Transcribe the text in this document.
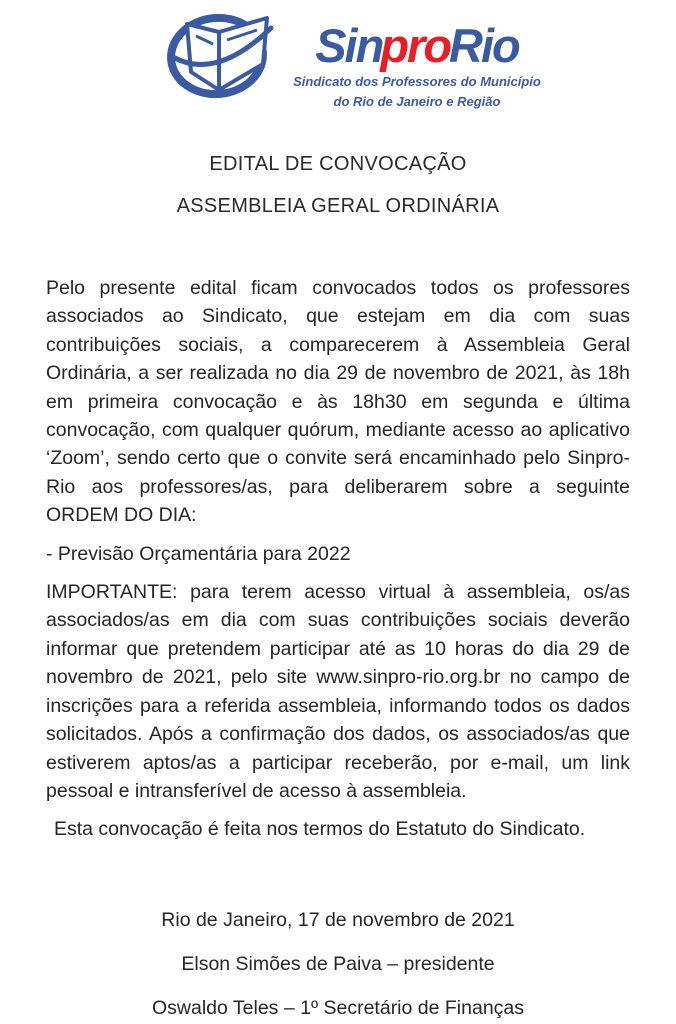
SinproRio
Sindicato dos Professores do Município
do Rio de Janeiro e Região
EDITAL DE CONVOCAÇÃO
ASSEMBLEIA GERAL ORDINÁRIA

Pelo presente edital ficam convocados todos os professores associados ao Sindicato, que estejam em dia com suas contribuições sociais, a comparecerem à Assembleia Geral Ordinária, a ser realizada no dia 29 de novembro de 2021, às 18h em primeira convocação e às 18h30 em segunda e última convocação, com qualquer quórum, mediante acesso ao aplicativo ‘Zoom’, sendo certo que o convite será encaminhado pelo Sinpro-Rio aos professores/as, para deliberarem sobre a seguinte ORDEM DO DIA:

- Previsão Orçamentária para 2022

IMPORTANTE: para terem acesso virtual à assembleia, os/as associados/as em dia com suas contribuições sociais deverão informar que pretendem participar até as 10 horas do dia 29 de novembro de 2021, pelo site www.sinpro-rio.org.br no campo de inscrições para a referida assembleia, informando todos os dados solicitados. Após a confirmação dos dados, os associados/as que estiverem aptos/as a participar receberão, por e-mail, um link pessoal e intransferível de acesso à assembleia.

Esta convocação é feita nos termos do Estatuto do Sindicato.

Rio de Janeiro, 17 de novembro de 2021
Elson Simões de Paiva – presidente
Oswaldo Teles – 1º Secretário de Finanças
